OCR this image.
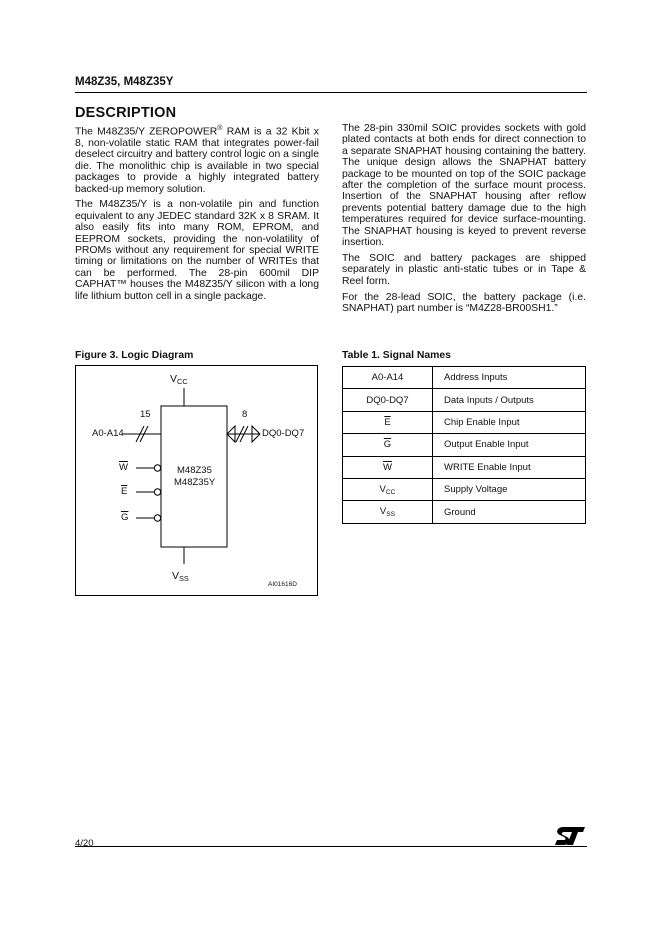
M48Z35, M48Z35Y
DESCRIPTION

The M48Z35/Y ZEROPOWER® RAM is a 32 Kbit x 8, non-volatile static RAM that integrates power-fail deselect circuitry and battery control logic on a single die. The monolithic chip is available in two special packages to provide a highly integrated battery backed-up memory solution.

The M48Z35/Y is a non-volatile pin and function equivalent to any JEDEC standard 32K x 8 SRAM. It also easily fits into many ROM, EPROM, and EEPROM sockets, providing the non-volatility of PROMs without any requirement for special WRITE timing or limitations on the number of WRITEs that can be performed. The 28-pin 600mil DIP CAPHAT™ houses the M48Z35/Y silicon with a long life lithium button cell in a single package.

The 28-pin 330mil SOIC provides sockets with gold plated contacts at both ends for direct connection to a separate SNAPHAT housing containing the battery. The unique design allows the SNAPHAT battery package to be mounted on top of the SOIC package after the completion of the surface mount process. Insertion of the SNAPHAT housing after reflow prevents potential battery damage due to the high temperatures required for device surface-mounting. The SNAPHAT housing is keyed to prevent reverse insertion.

The SOIC and battery packages are shipped separately in plastic anti-static tubes or in Tape & Reel form.

For the 28-lead SOIC, the battery package (i.e. SNAPHAT) part number is “M4Z28-BR00SH1.”

Figure 3. Logic Diagram
$V_{CC}$
$V_{SS}$
15
A0-A14
8
DQ0-DQ7
$\overline{W}$
$\overline{E}$
$\overline{G}$
M48Z35
M48Z35Y
AI01616D
Table 1. Signal Names
A0-A14	Address Inputs
DQ0-DQ7	Data Inputs / Outputs
$\overline{E}$	Chip Enable Input
$\overline{G}$	Output Enable Input
$\overline{W}$	WRITE Enable Input
$V_{CC}$	Supply Voltage
$V_{SS}$	Ground
4/20
